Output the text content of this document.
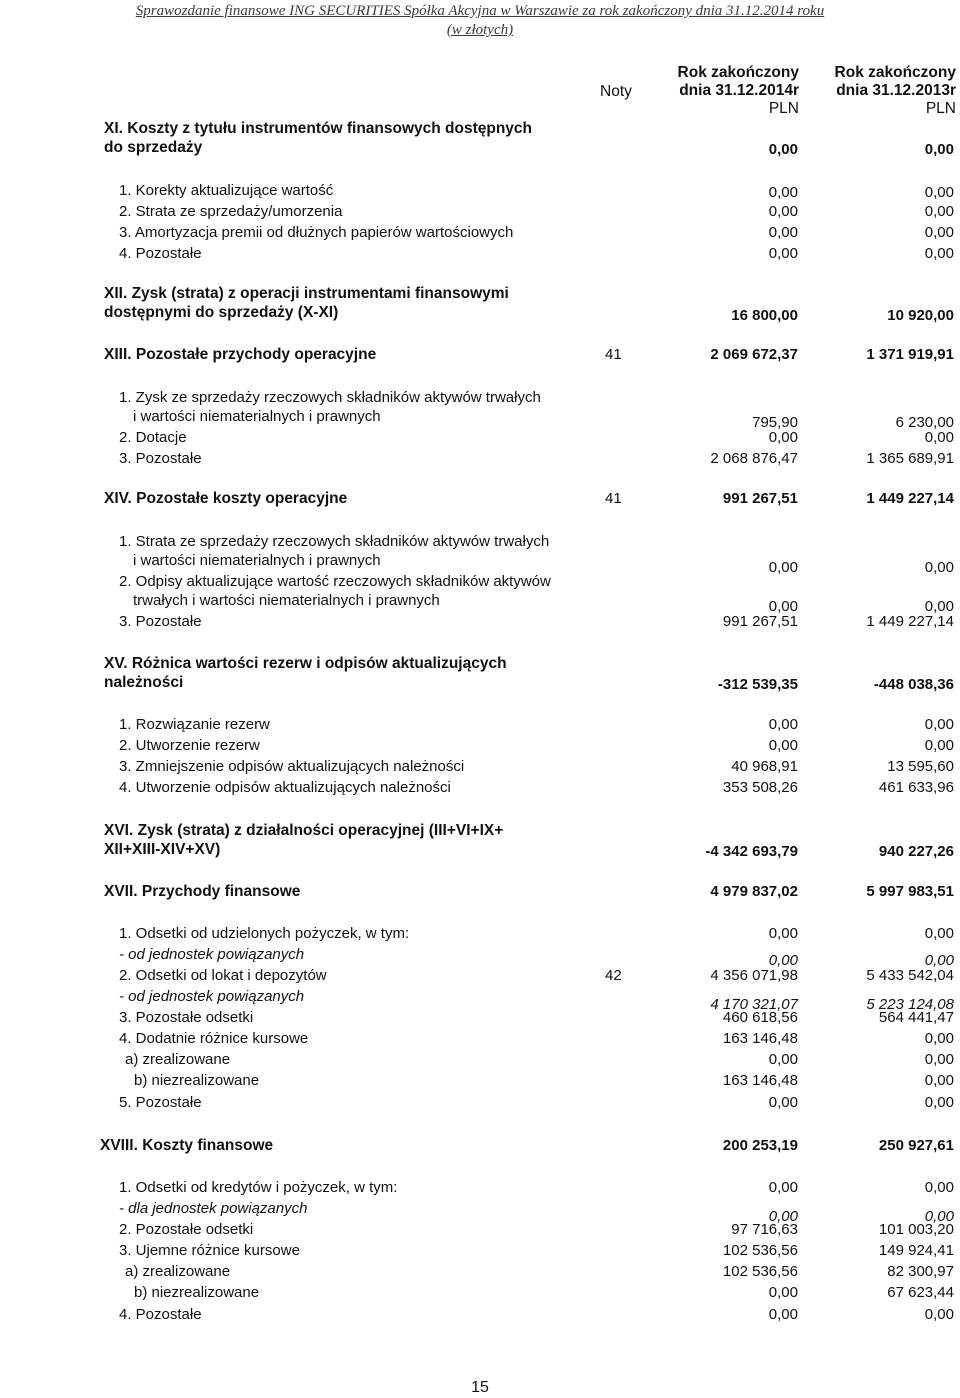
Sprawozdanie finansowe ING SECURITIES Spółka Akcyjna w Warszawie za rok zakończony dnia 31.12.2014 roku
(w złotych)
Noty
Rok zakończony
dnia 31.12.2014r
PLN
Rok zakończony
dnia 31.12.2013r
PLN
XI. Koszty z tytułu instrumentów finansowych dostępnych
do sprzedaży	0,00	0,00
1. Korekty aktualizujące wartość	0,00	0,00
2. Strata ze sprzedaży/umorzenia	0,00	0,00
3. Amortyzacja premii od dłużnych papierów wartościowych	0,00	0,00
4. Pozostałe	0,00	0,00
XII. Zysk (strata) z operacji instrumentami finansowymi
dostępnymi do sprzedaży (X-XI)	16 800,00	10 920,00
XIII. Pozostałe przychody operacyjne	41	2 069 672,37	1 371 919,91
1. Zysk ze sprzedaży rzeczowych składników aktywów trwałych
i wartości niematerialnych i prawnych	795,90	6 230,00
2. Dotacje	0,00	0,00
3. Pozostałe	2 068 876,47	1 365 689,91
XIV. Pozostałe koszty operacyjne	41	991 267,51	1 449 227,14
1. Strata ze sprzedaży rzeczowych składników aktywów trwałych
i wartości niematerialnych i prawnych	0,00	0,00
2. Odpisy aktualizujące wartość rzeczowych składników aktywów
trwałych i wartości niematerialnych i prawnych	0,00	0,00
3. Pozostałe	991 267,51	1 449 227,14
XV. Różnica wartości rezerw i odpisów aktualizujących
należności	-312 539,35	-448 038,36
1. Rozwiązanie rezerw	0,00	0,00
2. Utworzenie rezerw	0,00	0,00
3. Zmniejszenie odpisów aktualizujących należności	40 968,91	13 595,60
4. Utworzenie odpisów aktualizujących należności	353 508,26	461 633,96
XVI. Zysk (strata) z działalności operacyjnej (III+VI+IX+
XII+XIII-XIV+XV)	-4 342 693,79	940 227,26
XVII. Przychody finansowe	4 979 837,02	5 997 983,51
1. Odsetki od udzielonych pożyczek, w tym:	0,00	0,00
- od jednostek powiązanych	0,00	0,00
2. Odsetki od lokat i depozytów	42	4 356 071,98	5 433 542,04
- od jednostek powiązanych	4 170 321,07	5 223 124,08
3. Pozostałe odsetki	460 618,56	564 441,47
4. Dodatnie różnice kursowe	163 146,48	0,00
a) zrealizowane	0,00	0,00
b) niezrealizowane	163 146,48	0,00
5. Pozostałe	0,00	0,00
XVIII. Koszty finansowe	200 253,19	250 927,61
1. Odsetki od kredytów i pożyczek, w tym:	0,00	0,00
- dla jednostek powiązanych	0,00	0,00
2. Pozostałe odsetki	97 716,63	101 003,20
3. Ujemne różnice kursowe	102 536,56	149 924,41
a) zrealizowane	102 536,56	82 300,97
b) niezrealizowane	0,00	67 623,44
4. Pozostałe	0,00	0,00
15
